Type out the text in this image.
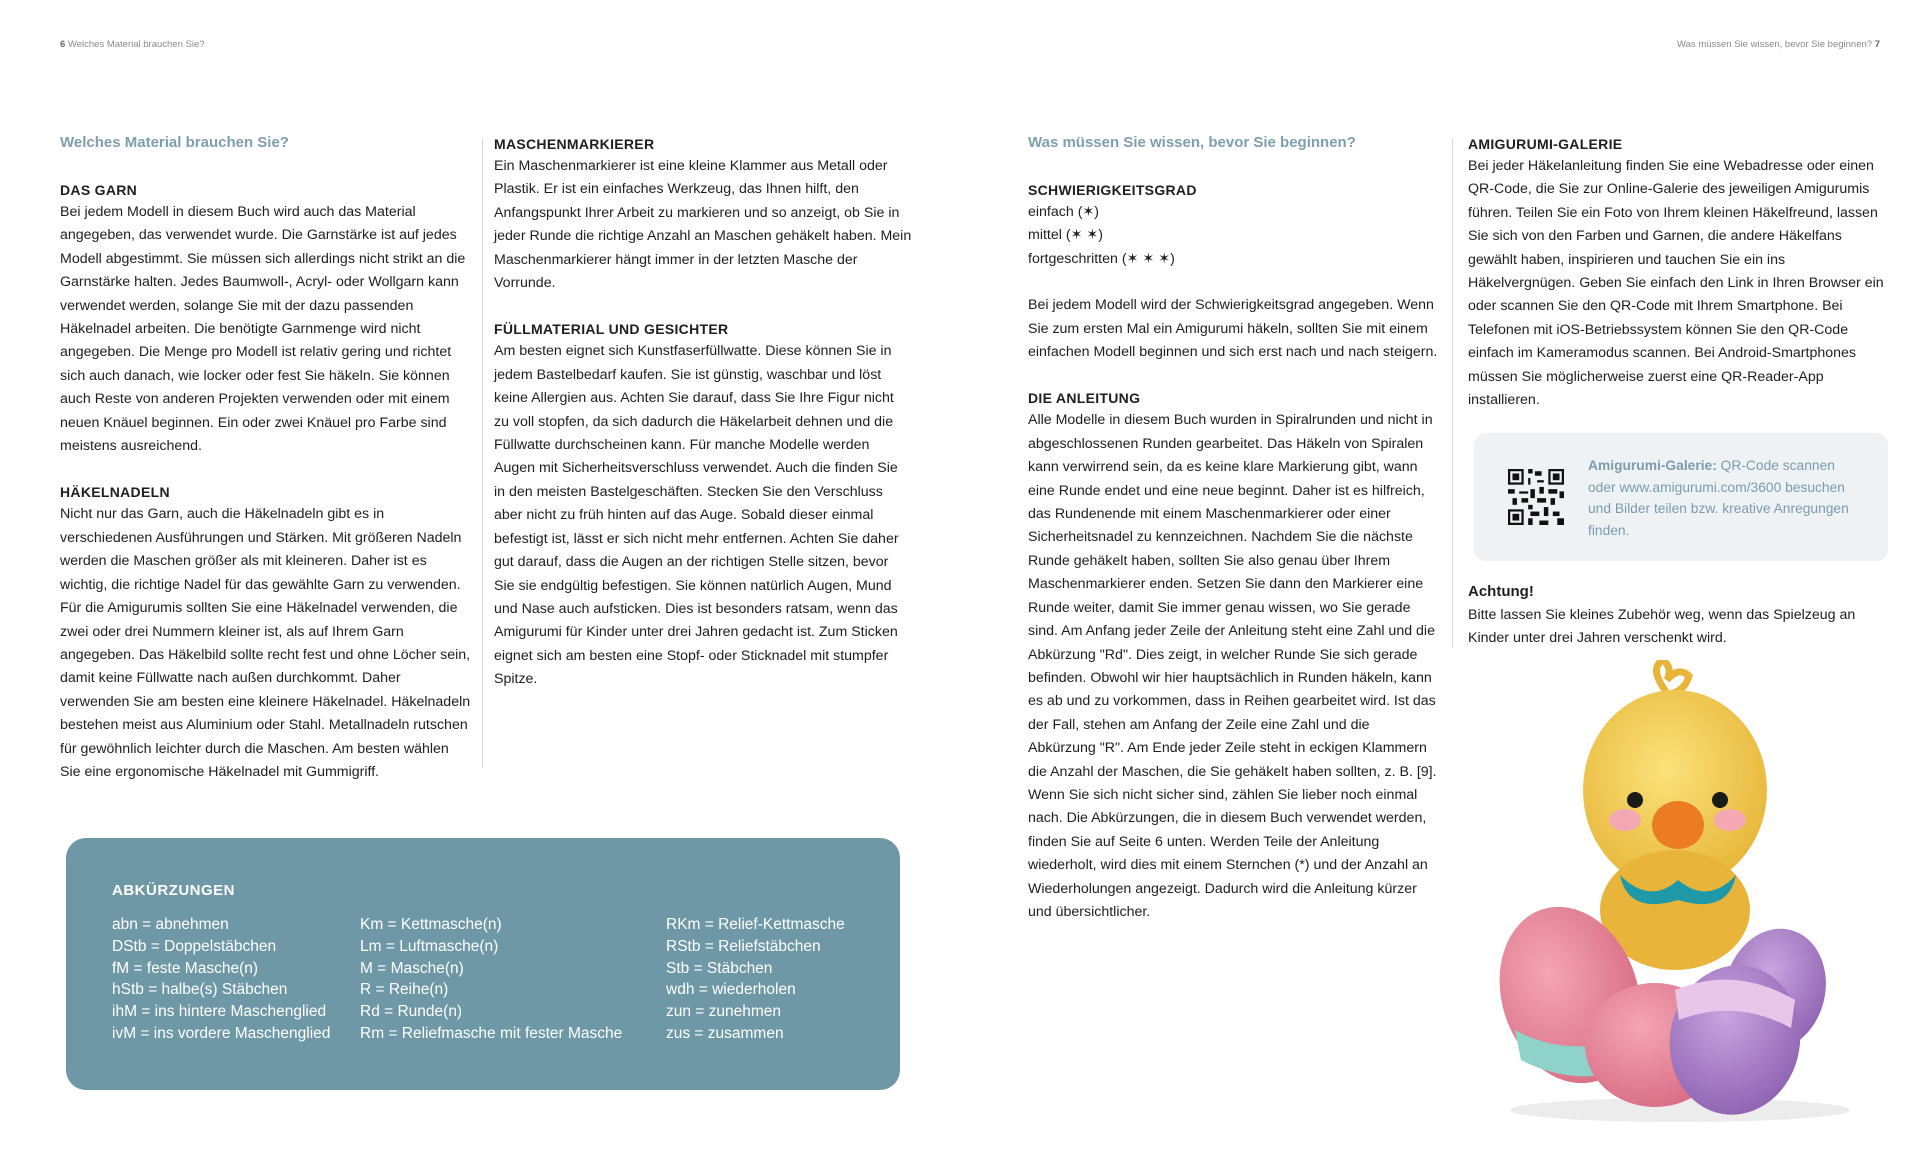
6 Welches Material brauchen Sie?	Was müssen Sie wissen, bevor Sie beginnen? 7
Welches Material brauchen Sie?
DAS GARN

Bei jedem Modell in diesem Buch wird auch das Material angegeben, das verwendet wurde. Die Garnstärke ist auf jedes Modell abgestimmt. Sie müssen sich allerdings nicht strikt an die Garnstärke halten. Jedes Baumwoll-, Acryl- oder Wollgarn kann verwendet werden, solange Sie mit der dazu passenden Häkelnadel arbeiten. Die benötigte Garnmenge wird nicht angegeben. Die Menge pro Modell ist relativ gering und richtet sich auch danach, wie locker oder fest Sie häkeln. Sie können auch Reste von anderen Projekten verwenden oder mit einem neuen Knäuel beginnen. Ein oder zwei Knäuel pro Farbe sind meistens ausreichend.

HÄKELNADELN

Nicht nur das Garn, auch die Häkelnadeln gibt es in verschiedenen Ausführungen und Stärken. Mit größeren Nadeln werden die Maschen größer als mit kleineren. Daher ist es wichtig, die richtige Nadel für das gewählte Garn zu verwenden. Für die Amigurumis sollten Sie eine Häkelnadel verwenden, die zwei oder drei Nummern kleiner ist, als auf Ihrem Garn angegeben. Das Häkelbild sollte recht fest und ohne Löcher sein, damit keine Füllwatte nach außen durchkommt. Daher verwenden Sie am besten eine kleinere Häkelnadel. Häkelnadeln bestehen meist aus Aluminium oder Stahl. Metallnadeln rutschen für gewöhnlich leichter durch die Maschen. Am besten wählen Sie eine ergonomische Häkelnadel mit Gummigriff.

MASCHENMARKIERER

Ein Maschenmarkierer ist eine kleine Klammer aus Metall oder Plastik. Er ist ein einfaches Werkzeug, das Ihnen hilft, den Anfangspunkt Ihrer Arbeit zu markieren und so anzeigt, ob Sie in jeder Runde die richtige Anzahl an Maschen gehäkelt haben. Mein Maschenmarkierer hängt immer in der letzten Masche der Vorrunde.

FÜLLMATERIAL UND GESICHTER

Am besten eignet sich Kunstfaserfüllwatte. Diese können Sie in jedem Bastelbedarf kaufen. Sie ist günstig, waschbar und löst keine Allergien aus. Achten Sie darauf, dass Sie Ihre Figur nicht zu voll stopfen, da sich dadurch die Häkelarbeit dehnen und die Füllwatte durchscheinen kann. Für manche Modelle werden Augen mit Sicherheitsverschluss verwendet. Auch die finden Sie in den meisten Bastelgeschäften. Stecken Sie den Verschluss aber nicht zu früh hinten auf das Auge. Sobald dieser einmal befestigt ist, lässt er sich nicht mehr entfernen. Achten Sie daher gut darauf, dass die Augen an der richtigen Stelle sitzen, bevor Sie sie endgültig befestigen. Sie können natürlich Augen, Mund und Nase auch aufsticken. Dies ist besonders ratsam, wenn das Amigurumi für Kinder unter drei Jahren gedacht ist. Zum Sticken eignet sich am besten eine Stopf- oder Sticknadel mit stumpfer Spitze.

ABKÜRZUNGEN
abn = abnehmen
DStb = Doppelstäbchen
fM = feste Masche(n)
hStb = halbe(s) Stäbchen
ihM = ins hintere Maschenglied
ivM = ins vordere Maschenglied
Km = Kettmasche(n)
Lm = Luftmasche(n)
M = Masche(n)
R = Reihe(n)
Rd = Runde(n)
Rm = Reliefmasche mit fester Masche
RKm = Relief-Kettmasche
RStb = Reliefstäbchen
Stb = Stäbchen
wdh = wiederholen
zun = zunehmen
zus = zusammen
Was müssen Sie wissen, bevor Sie beginnen?
SCHWIERIGKEITSGRAD
einfach (✶)
mittel (✶ ✶)
fortgeschritten (✶ ✶ ✶)

Bei jedem Modell wird der Schwierigkeitsgrad angegeben. Wenn Sie zum ersten Mal ein Amigurumi häkeln, sollten Sie mit einem einfachen Modell beginnen und sich erst nach und nach steigern.

DIE ANLEITUNG

Alle Modelle in diesem Buch wurden in Spiralrunden und nicht in abgeschlossenen Runden gearbeitet. Das Häkeln von Spiralen kann verwirrend sein, da es keine klare Markierung gibt, wann eine Runde endet und eine neue beginnt. Daher ist es hilfreich, das Rundenende mit einem Maschenmarkierer oder einer Sicherheitsnadel zu kennzeichnen. Nachdem Sie die nächste Runde gehäkelt haben, sollten Sie also genau über Ihrem Maschenmarkierer enden. Setzen Sie dann den Markierer eine Runde weiter, damit Sie immer genau wissen, wo Sie gerade sind. Am Anfang jeder Zeile der Anleitung steht eine Zahl und die Abkürzung "Rd". Dies zeigt, in welcher Runde Sie sich gerade befinden. Obwohl wir hier hauptsächlich in Runden häkeln, kann es ab und zu vorkommen, dass in Reihen gearbeitet wird. Ist das der Fall, stehen am Anfang der Zeile eine Zahl und die Abkürzung "R". Am Ende jeder Zeile steht in eckigen Klammern die Anzahl der Maschen, die Sie gehäkelt haben sollten, z. B. [9]. Wenn Sie sich nicht sicher sind, zählen Sie lieber noch einmal nach. Die Abkürzungen, die in diesem Buch verwendet werden, finden Sie auf Seite 6 unten. Werden Teile der Anleitung wiederholt, wird dies mit einem Sternchen (*) und der Anzahl an Wiederholungen angezeigt. Dadurch wird die Anleitung kürzer und übersichtlicher.

AMIGURUMI-GALERIE

Bei jeder Häkelanleitung finden Sie eine Webadresse oder einen QR-Code, die Sie zur Online-Galerie des jeweiligen Amigurumis führen. Teilen Sie ein Foto von Ihrem kleinen Häkelfreund, lassen Sie sich von den Farben und Garnen, die andere Häkelfans gewählt haben, inspirieren und tauchen Sie ein ins Häkelvergnügen. Geben Sie einfach den Link in Ihren Browser ein oder scannen Sie den QR-Code mit Ihrem Smartphone. Bei Telefonen mit iOS-Betriebssystem können Sie den QR-Code einfach im Kameramodus scannen. Bei Android-Smartphones müssen Sie möglicherweise zuerst eine QR-Reader-App installieren.

Amigurumi-Galerie: QR-Code scannen oder www.amigurumi.com/3600 besuchen und Bilder teilen bzw. kreative Anregungen finden.
Achtung!
Bitte lassen Sie kleines Zubehör weg, wenn das Spielzeug an Kinder unter drei Jahren verschenkt wird.
